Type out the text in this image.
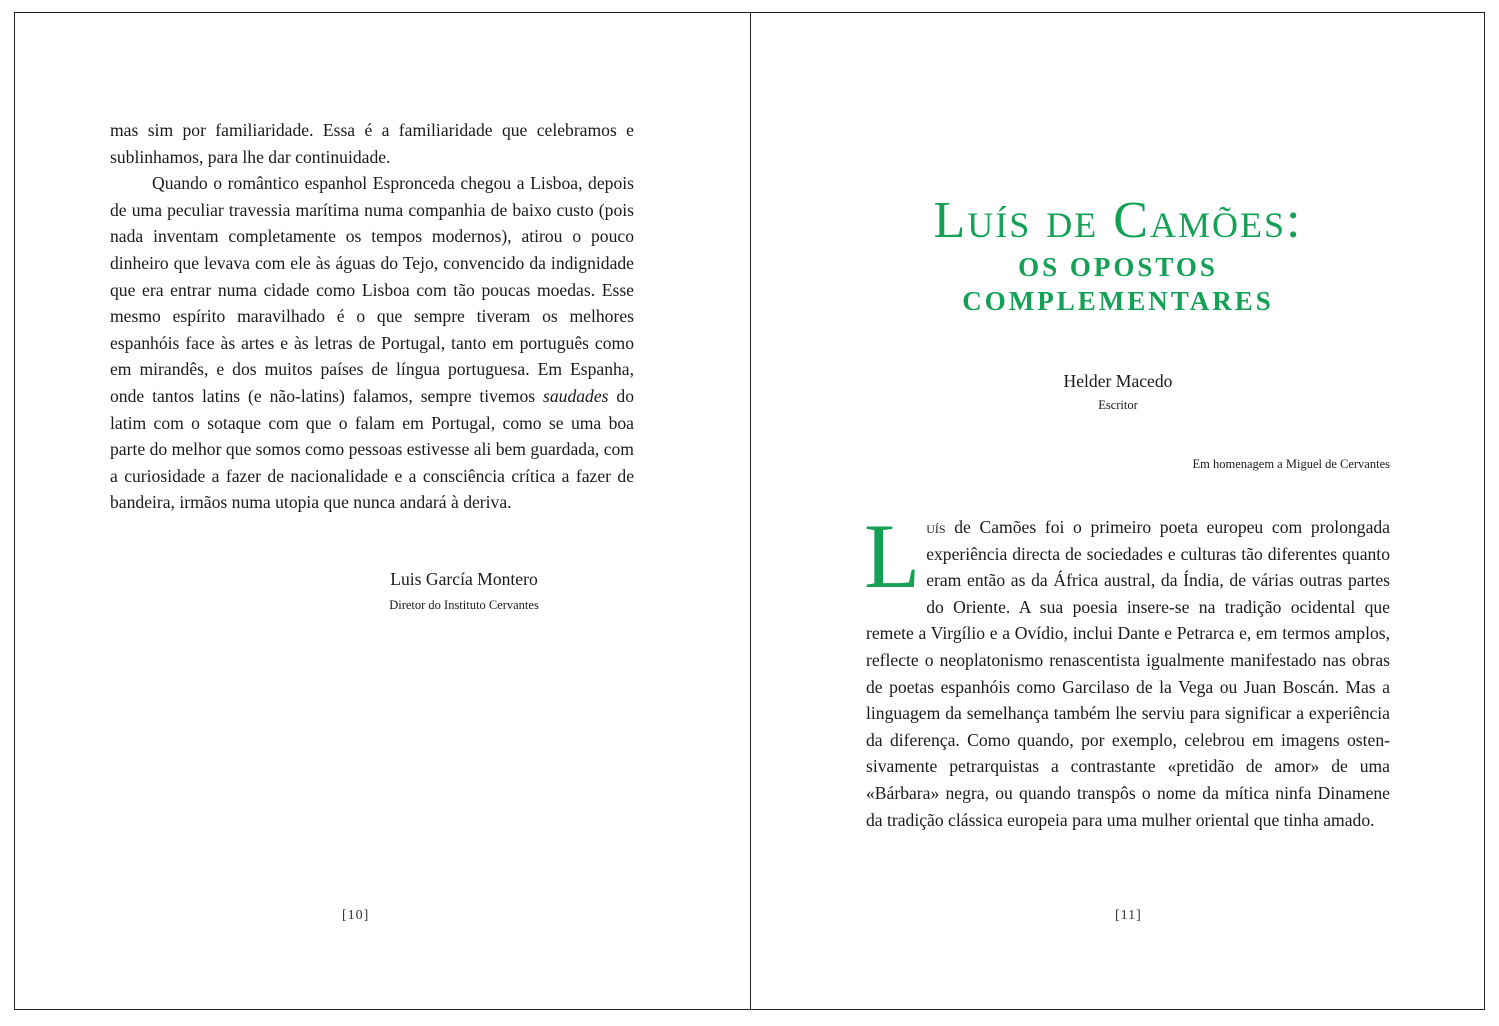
mas sim por familiaridade. Essa é a familiaridade que celebramos e sublinhamos, para lhe dar continuidade.

Quando o romântico espanhol Espronceda chegou a Lisboa, depois de uma peculiar travessia marítima numa companhia de baixo custo (pois nada inventam completamente os tempos modernos), atirou o pouco dinheiro que levava com ele às águas do Tejo, convencido da indignidade que era entrar numa cidade como Lisboa com tão poucas moedas. Esse mesmo espírito maravilhado é o que sempre tiveram os melhores espanhóis face às artes e às letras de Portugal, tanto em português como em mirandês, e dos muitos países de língua portuguesa. Em Espanha, onde tantos latins (e não-latins) falamos, sempre tivemos saudades do latim com o sotaque com que o falam em Portugal, como se uma boa parte do melhor que somos como pessoas estivesse ali bem guardada, com a curiosidade a fazer de nacionalidade e a consciência crítica a fazer de bandeira, irmãos numa utopia que nunca andará à deriva.

Luis García Montero
Diretor do Instituto Cervantes
[10]
Luís de Camões:
OS OPOSTOS
COMPLEMENTARES
Helder Macedo
Escritor
Em homenagem a Miguel de Cervantes

Luís de Camões foi o primeiro poeta europeu com prolongada experiência directa de sociedades e culturas tão diferentes quanto eram então as da África austral, da Índia, de várias outras partes do Oriente. A sua poesia insere-se na tradição ocidental que remete a Virgílio e a Ovídio, inclui Dante e Petrarca e, em termos amplos, reflecte o neoplatonismo renascentista igualmente manifestado nas obras de poetas espanhóis como Garcilaso de la Vega ou Juan Boscán. Mas a linguagem da semelhança também lhe serviu para significar a experiência da diferença. Como quando, por exemplo, celebrou em imagens ostensivamente petrarquistas a contrastante «pretidão de amor» de uma «Bárbara» negra, ou quando transpôs o nome da mítica ninfa Dinamene da tradição clássica europeia para uma mulher oriental que tinha amado.

[11]
